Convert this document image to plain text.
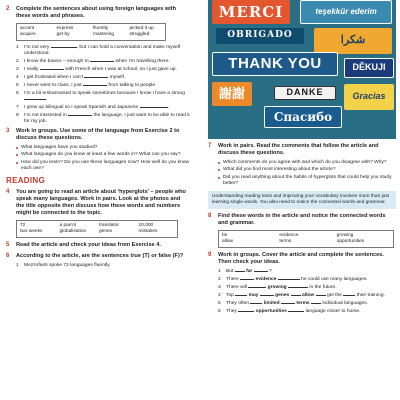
2	Complete the sentences about using foreign languages with these words and phrases.
accent	express	fluently	picked it up
acquire	get by	mastering	struggled
1	I’m not very	, but I can hold a conversation and make myself understood.
2	I know the basics – enough to	when I’m travelling there.
3	I really	with French when I was at school, so I just gave up.
4	I get frustrated when I can’t	myself.
5	I never went to class, I just	from talking to people.
6	I’m a bit embarrassed to speak sometimes because I know I have a strong .
7	I grew up bilingual so I speak Spanish and Japanese	.
8	I’m not interested in	the language, I just want to be able to read it for my job.
3	Work in groups. Use some of the language from Exercise 2 to discuss these questions.
What languages have you studied?
What languages do you know at least a few words in? What can you say?
How did you learn? Do you use these languages now? How well do you know each one?
READING
4	You are going to read an article about ‘hyperglots’ – people who speak many languages. Work in pairs. Look at the photos and the title opposite then discuss how these words and numbers might be connected to the topic.
72	a parrot	translator	10,000
two weeks	globalisation	genes	mistakes
5	Read the article and check your ideas from Exercise 4.
6	According to the article, are the sentences true (T) or false (F)?
1	Mezzofanti spoke 72 languages fluently.
MERCI	teşekkür ederim
OBRIGADO	شكرا
THANK YOU	DĚKUJI
謝謝	DANKE	Gracias
Спасибо
7	Work in pairs. Read the comments that follow the article and discuss these questions.
Which comments do you agree with and which do you disagree with? Why?
What did you find most interesting about the article?
Did you read anything about the habits of hyperglots that could help you study better?
Understanding reading texts and improving your vocabulary involves more than just learning single words. You also need to notice the connected words and grammar.
8	Find these words in the article and notice the connected words and grammar.
far	evidence	growing
allow	terms	opportunities
9	Work in groups. Cover the article and complete the sentences. Then check your ideas.
1	But	far	?
2	There	evidence	he could use many languages.
3	There will	growing	in the future.
4	Top	may	genes	allow	get the	their training.
5	They often	limited	terms	individual languages.
6	They	opportunities	language closer to home.
